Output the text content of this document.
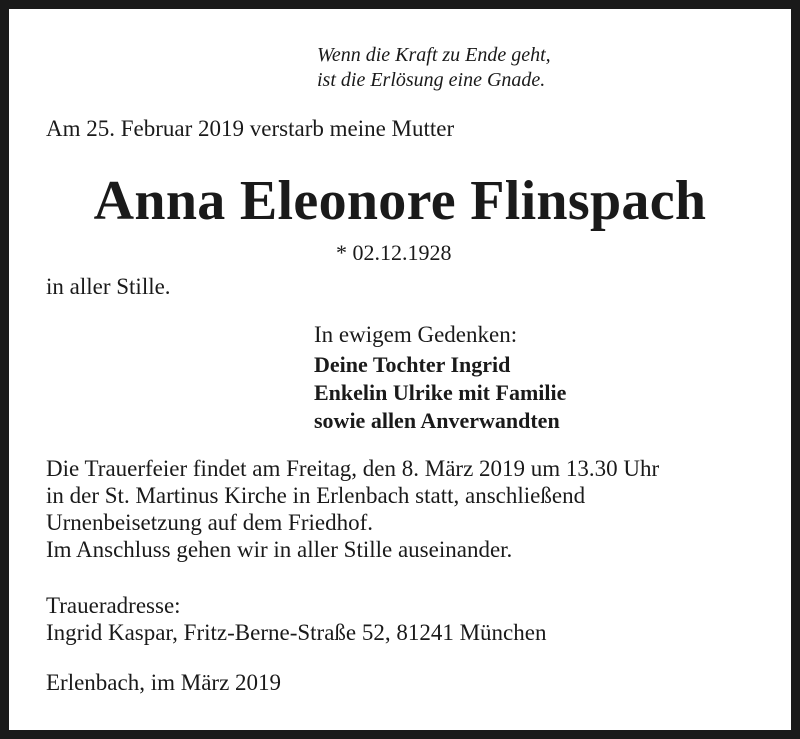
Wenn die Kraft zu Ende geht,
ist die Erlösung eine Gnade.
Am 25. Februar 2019 verstarb meine Mutter
Anna Eleonore Flinspach
* 02.12.1928
in aller Stille.
In ewigem Gedenken:
Deine Tochter Ingrid
Enkelin Ulrike mit Familie
sowie allen Anverwandten
Die Trauerfeier findet am Freitag, den 8. März 2019 um 13.30 Uhr
in der St. Martinus Kirche in Erlenbach statt, anschließend
Urnenbeisetzung auf dem Friedhof.
Im Anschluss gehen wir in aller Stille auseinander.
Traueradresse:
Ingrid Kaspar, Fritz-Berne-Straße 52, 81241 München
Erlenbach, im März 2019
